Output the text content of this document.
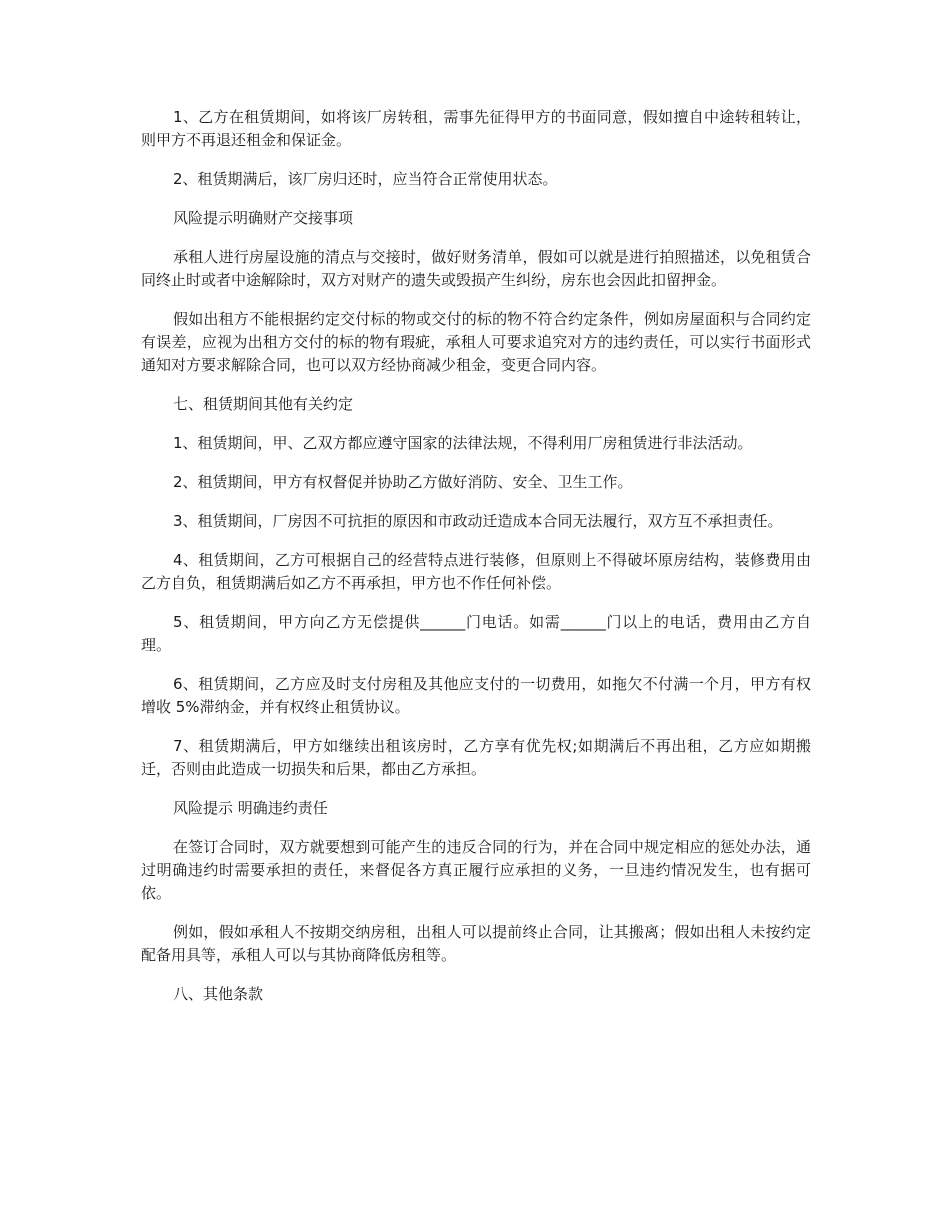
1、乙方在租赁期间，如将该厂房转租，需事先征得甲方的书面同意，假如擅自中途转租转让，则甲方不再退还租金和保证金。

2、租赁期满后，该厂房归还时，应当符合正常使用状态。

风险提示明确财产交接事项

承租人进行房屋设施的清点与交接时，做好财务清单，假如可以就是进行拍照描述，以免租赁合同终止时或者中途解除时，双方对财产的遗失或毁损产生纠纷，房东也会因此扣留押金。

假如出租方不能根据约定交付标的物或交付的标的物不符合约定条件，例如房屋面积与合同约定有误差，应视为出租方交付的标的物有瑕疵，承租人可要求追究对方的违约责任，可以实行书面形式通知对方要求解除合同，也可以双方经协商减少租金，变更合同内容。

七、租赁期间其他有关约定

1、租赁期间，甲、乙双方都应遵守国家的法律法规，不得利用厂房租赁进行非法活动。

2、租赁期间，甲方有权督促并协助乙方做好消防、安全、卫生工作。

3、租赁期间，厂房因不可抗拒的原因和市政动迁造成本合同无法履行，双方互不承担责任。

4、租赁期间，乙方可根据自己的经营特点进行装修，但原则上不得破坏原房结构，装修费用由乙方自负，租赁期满后如乙方不再承担，甲方也不作任何补偿。

5、租赁期间，甲方向乙方无偿提供______门电话。如需______门以上的电话，费用由乙方自理。

6、租赁期间，乙方应及时支付房租及其他应支付的一切费用，如拖欠不付满一个月，甲方有权增收 5%滞纳金，并有权终止租赁协议。

7、租赁期满后，甲方如继续出租该房时，乙方享有优先权;如期满后不再出租，乙方应如期搬迁，否则由此造成一切损失和后果，都由乙方承担。

风险提示 明确违约责任

在签订合同时，双方就要想到可能产生的违反合同的行为，并在合同中规定相应的惩处办法，通过明确违约时需要承担的责任，来督促各方真正履行应承担的义务，一旦违约情况发生，也有据可依。

例如，假如承租人不按期交纳房租，出租人可以提前终止合同，让其搬离；假如出租人未按约定配备用具等，承租人可以与其协商降低房租等。

八、其他条款
